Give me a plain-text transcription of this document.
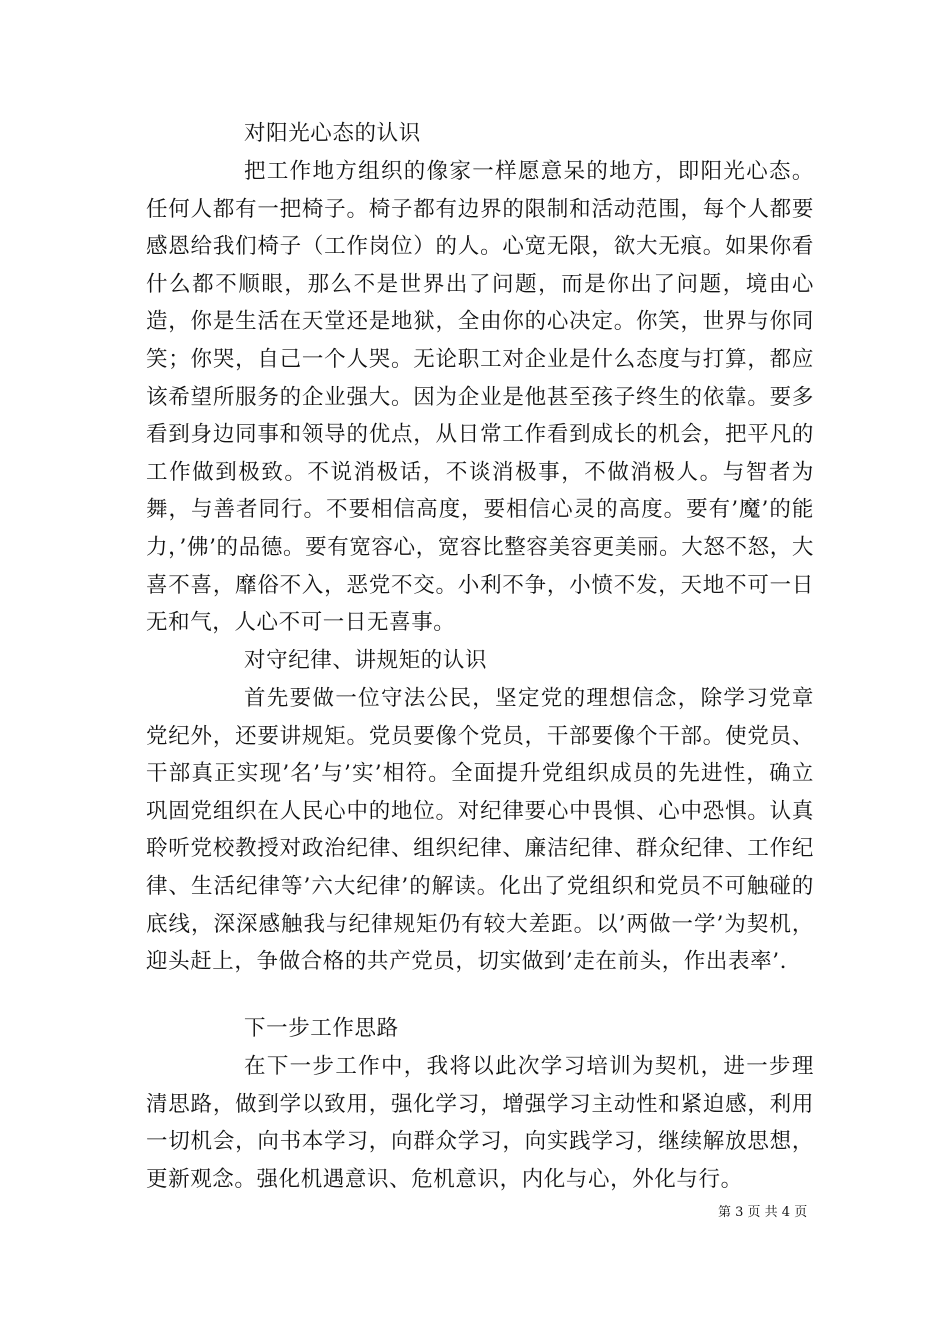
对阳光心态的认识

把工作地方组织的像家一样愿意呆的地方，即阳光心态。任何人都有一把椅子。椅子都有边界的限制和活动范围，每个人都要感恩给我们椅子（工作岗位）的人。心宽无限，欲大无痕。如果你看什么都不顺眼，那么不是世界出了问题，而是你出了问题，境由心造，你是生活在天堂还是地狱，全由你的心决定。你笑，世界与你同笑；你哭，自己一个人哭。无论职工对企业是什么态度与打算，都应该希望所服务的企业强大。因为企业是他甚至孩子终生的依靠。要多看到身边同事和领导的优点，从日常工作看到成长的机会，把平凡的工作做到极致。不说消极话，不谈消极事，不做消极人。与智者为舞，与善者同行。不要相信高度，要相信心灵的高度。要有’魔’的能力，’佛’的品德。要有宽容心，宽容比整容美容更美丽。大怒不怒，大喜不喜，靡俗不入，恶党不交。小利不争，小愤不发，天地不可一日无和气，人心不可一日无喜事。

对守纪律、讲规矩的认识

首先要做一位守法公民，坚定党的理想信念，除学习党章党纪外，还要讲规矩。党员要像个党员，干部要像个干部。使党员、干部真正实现’名’与’实’相符。全面提升党组织成员的先进性，确立巩固党组织在人民心中的地位。对纪律要心中畏惧、心中恐惧。认真聆听党校教授对政治纪律、组织纪律、廉洁纪律、群众纪律、工作纪律、生活纪律等’六大纪律’的解读。化出了党组织和党员不可触碰的底线，深深感触我与纪律规矩仍有较大差距。以’两做一学’为契机，迎头赶上，争做合格的共产党员，切实做到’走在前头，作出表率’.

下一步工作思路

在下一步工作中，我将以此次学习培训为契机，进一步理清思路，做到学以致用，强化学习，增强学习主动性和紧迫感，利用一切机会，向书本学习，向群众学习，向实践学习，继续解放思想，更新观念。强化机遇意识、危机意识，内化与心，外化与行。

第 3 页 共 4 页
